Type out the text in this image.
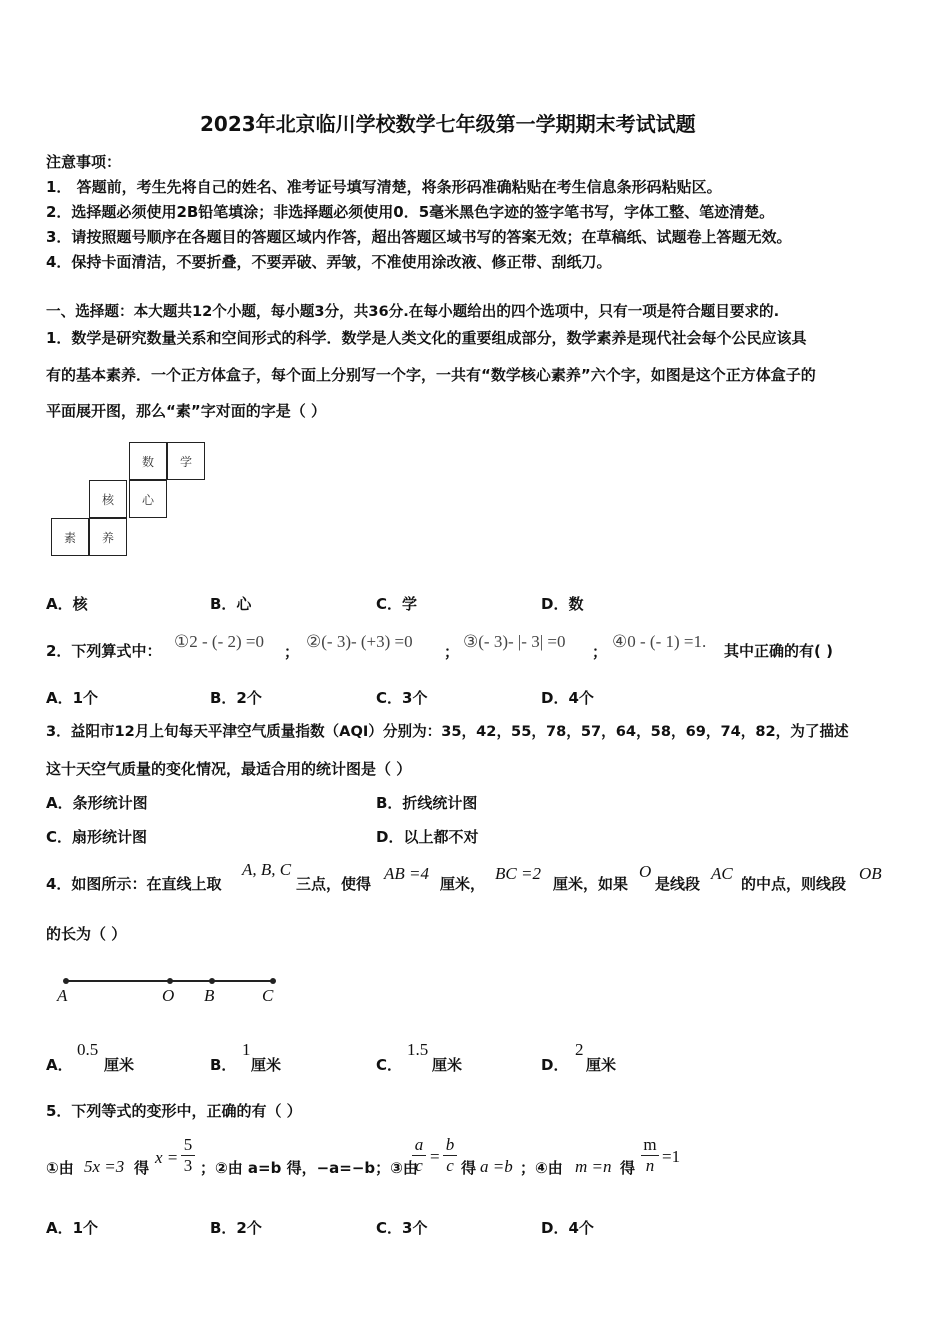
2023年北京临川学校数学七年级第一学期期末考试试题
注意事项：
1． 答题前，考生先将自己的姓名、准考证号填写清楚，将条形码准确粘贴在考生信息条形码粘贴区。
2．选择题必须使用2B铅笔填涂；非选择题必须使用0．5毫米黑色字迹的签字笔书写，字体工整、笔迹清楚。
3．请按照题号顺序在各题目的答题区域内作答，超出答题区域书写的答案无效；在草稿纸、试题卷上答题无效。
4．保持卡面清洁，不要折叠，不要弄破、弄皱，不准使用涂改液、修正带、刮纸刀。
一、选择题：本大题共12个小题，每小题3分，共36分.在每小题给出的四个选项中，只有一项是符合题目要求的.
1．数学是研究数量关系和空间形式的科学．数学是人类文化的重要组成部分，数学素养是现代社会每个公民应该具
有的基本素养．一个正方体盒子，每个面上分别写一个字，一共有“数学核心素养”六个字，如图是这个正方体盒子的
平面展开图，那么“素”字对面的字是（ ）
数	学
核	心
素	养
A．核	B．心	C．学	D．数
2．下列算式中： ①2 - (- 2) =0
；
②(- 3)- (+3) =0
；
③(- 3)- |- 3| =0
；
④0 - (- 1) =1. 其中正确的有( )
A．1个	B．2个	C．3个	D．4个
3．益阳市12月上旬每天平津空气质量指数（AQI）分别为：35，42，55，78，57，64，58，69，74，82，为了描述
这十天空气质量的变化情况，最适合用的统计图是（ ）
A．条形统计图	B．折线统计图
C．扇形统计图	D．以上都不对
4．如图所示：在直线上取
A, B, C
三点，使得
AB =4
厘米，
BC =2
厘米，如果
O
是线段
AC
的中点，则线段
OB
的长为（ ）
A	O B	C
A．
0.5
厘米	B．
1
厘米	C．
1.5
厘米	D．
2
厘米
5．下列等式的变形中，正确的有（ ）
①由 5x =3 得
$x = \frac{5}{3}$ ；②由 a=b 得，−a=−b；③由
$\frac{a}{c} = \frac{b}{c}$ 得 a =b ；④由 m =n 得 $\frac{m}{n} =1$
A．1个	B．2个	C．3个	D．4个
